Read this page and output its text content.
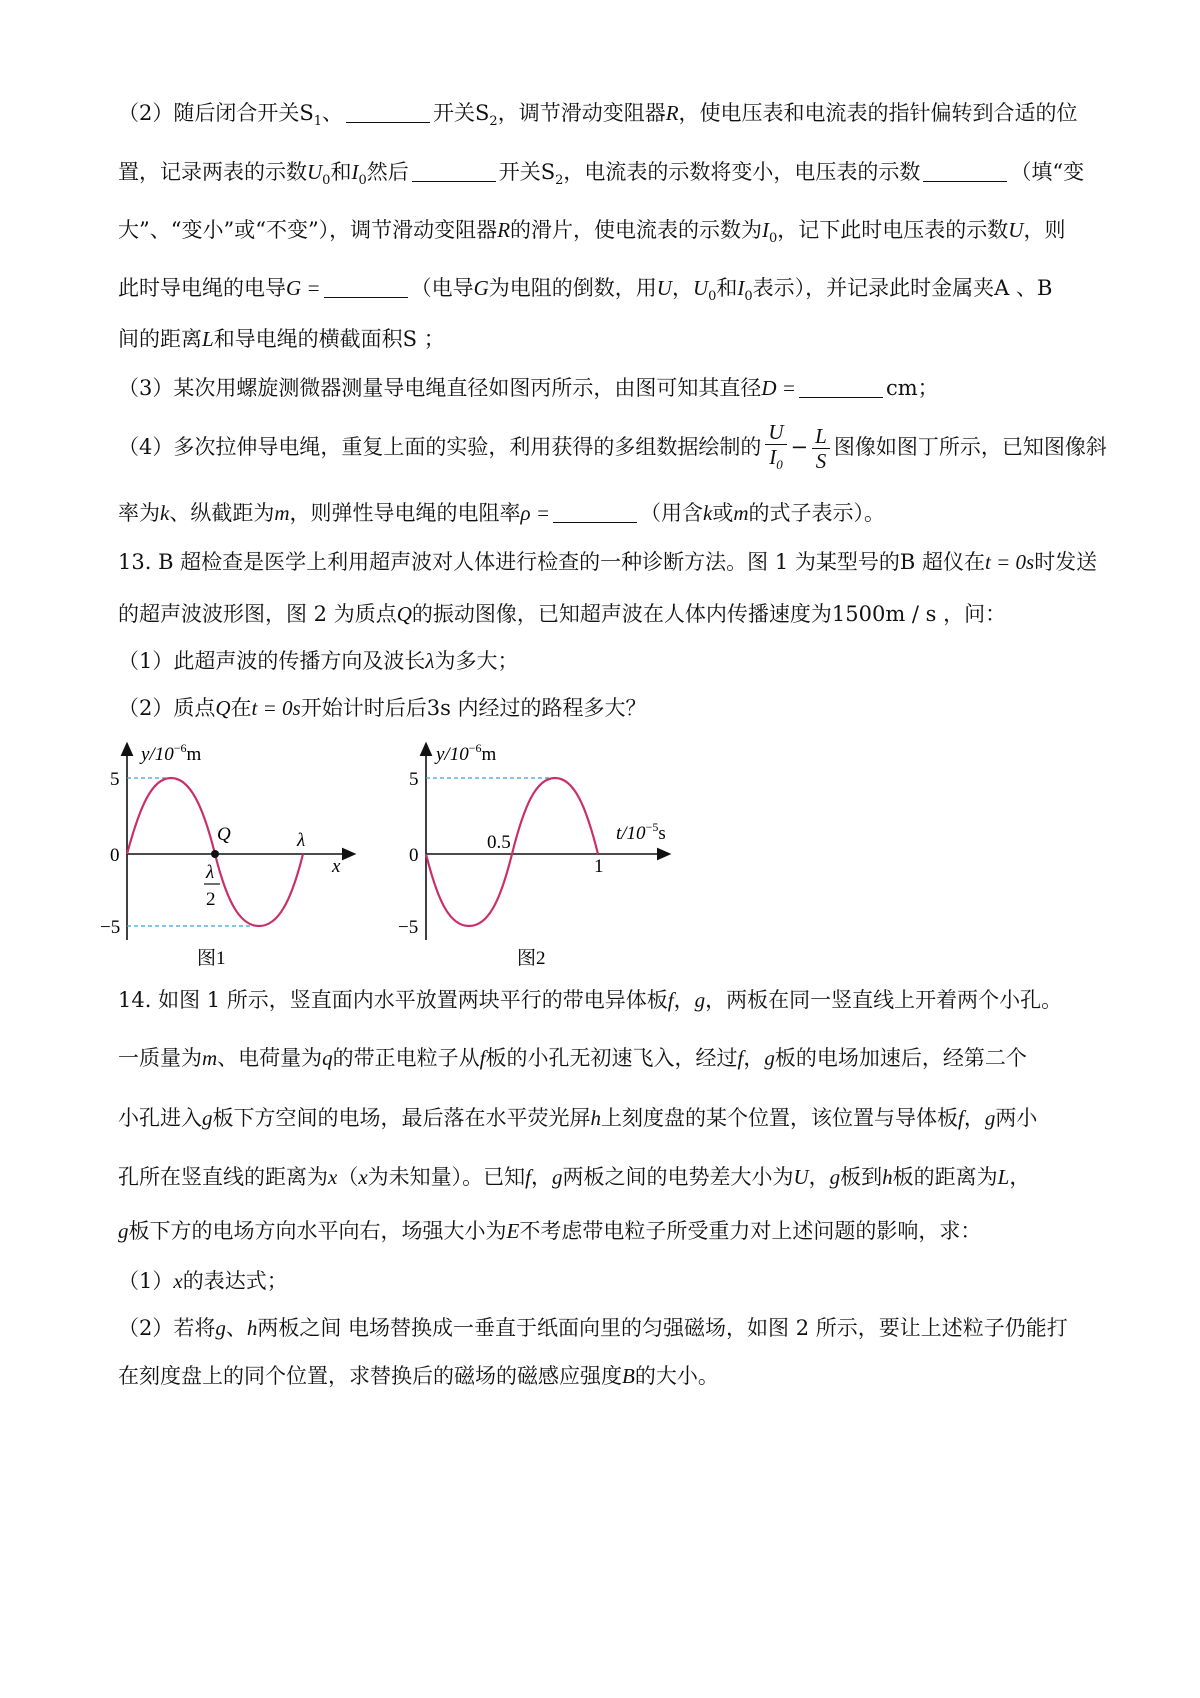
（2）随后闭合开关$S_1$、	开关$S_2$，调节滑动变阻器R，使电压表和电流表的指针偏转到合适的位
置，记录两表的示数$U_0$和$I_0$然后	开关$S_2$，电流表的示数将变小，电压表的示数	（填“变
大”、“变小”或“不变”），调节滑动变阻器R的滑片，使电流表的示数为$I_0$，记下此时电压表的示数U，则
此时导电绳的电导G =	（电导G为电阻的倒数，用U，$U_0$和$I_0$表示），并记录此时金属夹A 、B
间的距离L和导电绳的横截面积S ；
（3）某次用螺旋测微器测量导电绳直径如图丙所示，由图可知其直径D =	cm；
（4）多次拉伸导电绳，重复上面的实验，利用获得的多组数据绘制的 $\frac{U}{I_0} - \frac{L}{S}$ 图像如图丁所示，已知图像斜
率为k、纵截距为m，则弹性导电绳的电阻率ρ =	（用含k或m的式子表示）。
13. B 超检查是医学上利用超声波对人体进行检查的一种诊断方法。图 1 为某型号的B 超仪在t = 0s时发送
的超声波波形图，图 2 为质点Q的振动图像，已知超声波在人体内传播速度为1500m / s ，问：
（1）此超声波的传播方向及波长λ为多大；
（2）质点Q在t = 0s开始计时后后3s 内经过的路程多大？
$y/10^{-6}m$
5
0
−5
Q	λ
x
λ
2
图1
$y/10^{-6}m$
5
0
−5
0.5
1
$t/10^{-5}s$
图2
14. 如图 1 所示，竖直面内水平放置两块平行的带电异体板f，g，两板在同一竖直线上开着两个小孔。
一质量为m、电荷量为q的带正电粒子从f板的小孔无初速飞入，经过f，g板的电场加速后，经第二个
小孔进入g板下方空间的电场，最后落在水平荧光屏h上刻度盘的某个位置，该位置与导体板f，g两小
孔所在竖直线的距离为x（x为未知量）。已知f，g两板之间的电势差大小为U，g板到h板的距离为L，
g板下方的电场方向水平向右，场强大小为E不考虑带电粒子所受重力对上述问题的影响，求：
（1）x的表达式；
（2）若将g、h两板之间 电场替换成一垂直于纸面向里的匀强磁场，如图 2 所示，要让上述粒子仍能打
在刻度盘上的同个位置，求替换后的磁场的磁感应强度B的大小。
